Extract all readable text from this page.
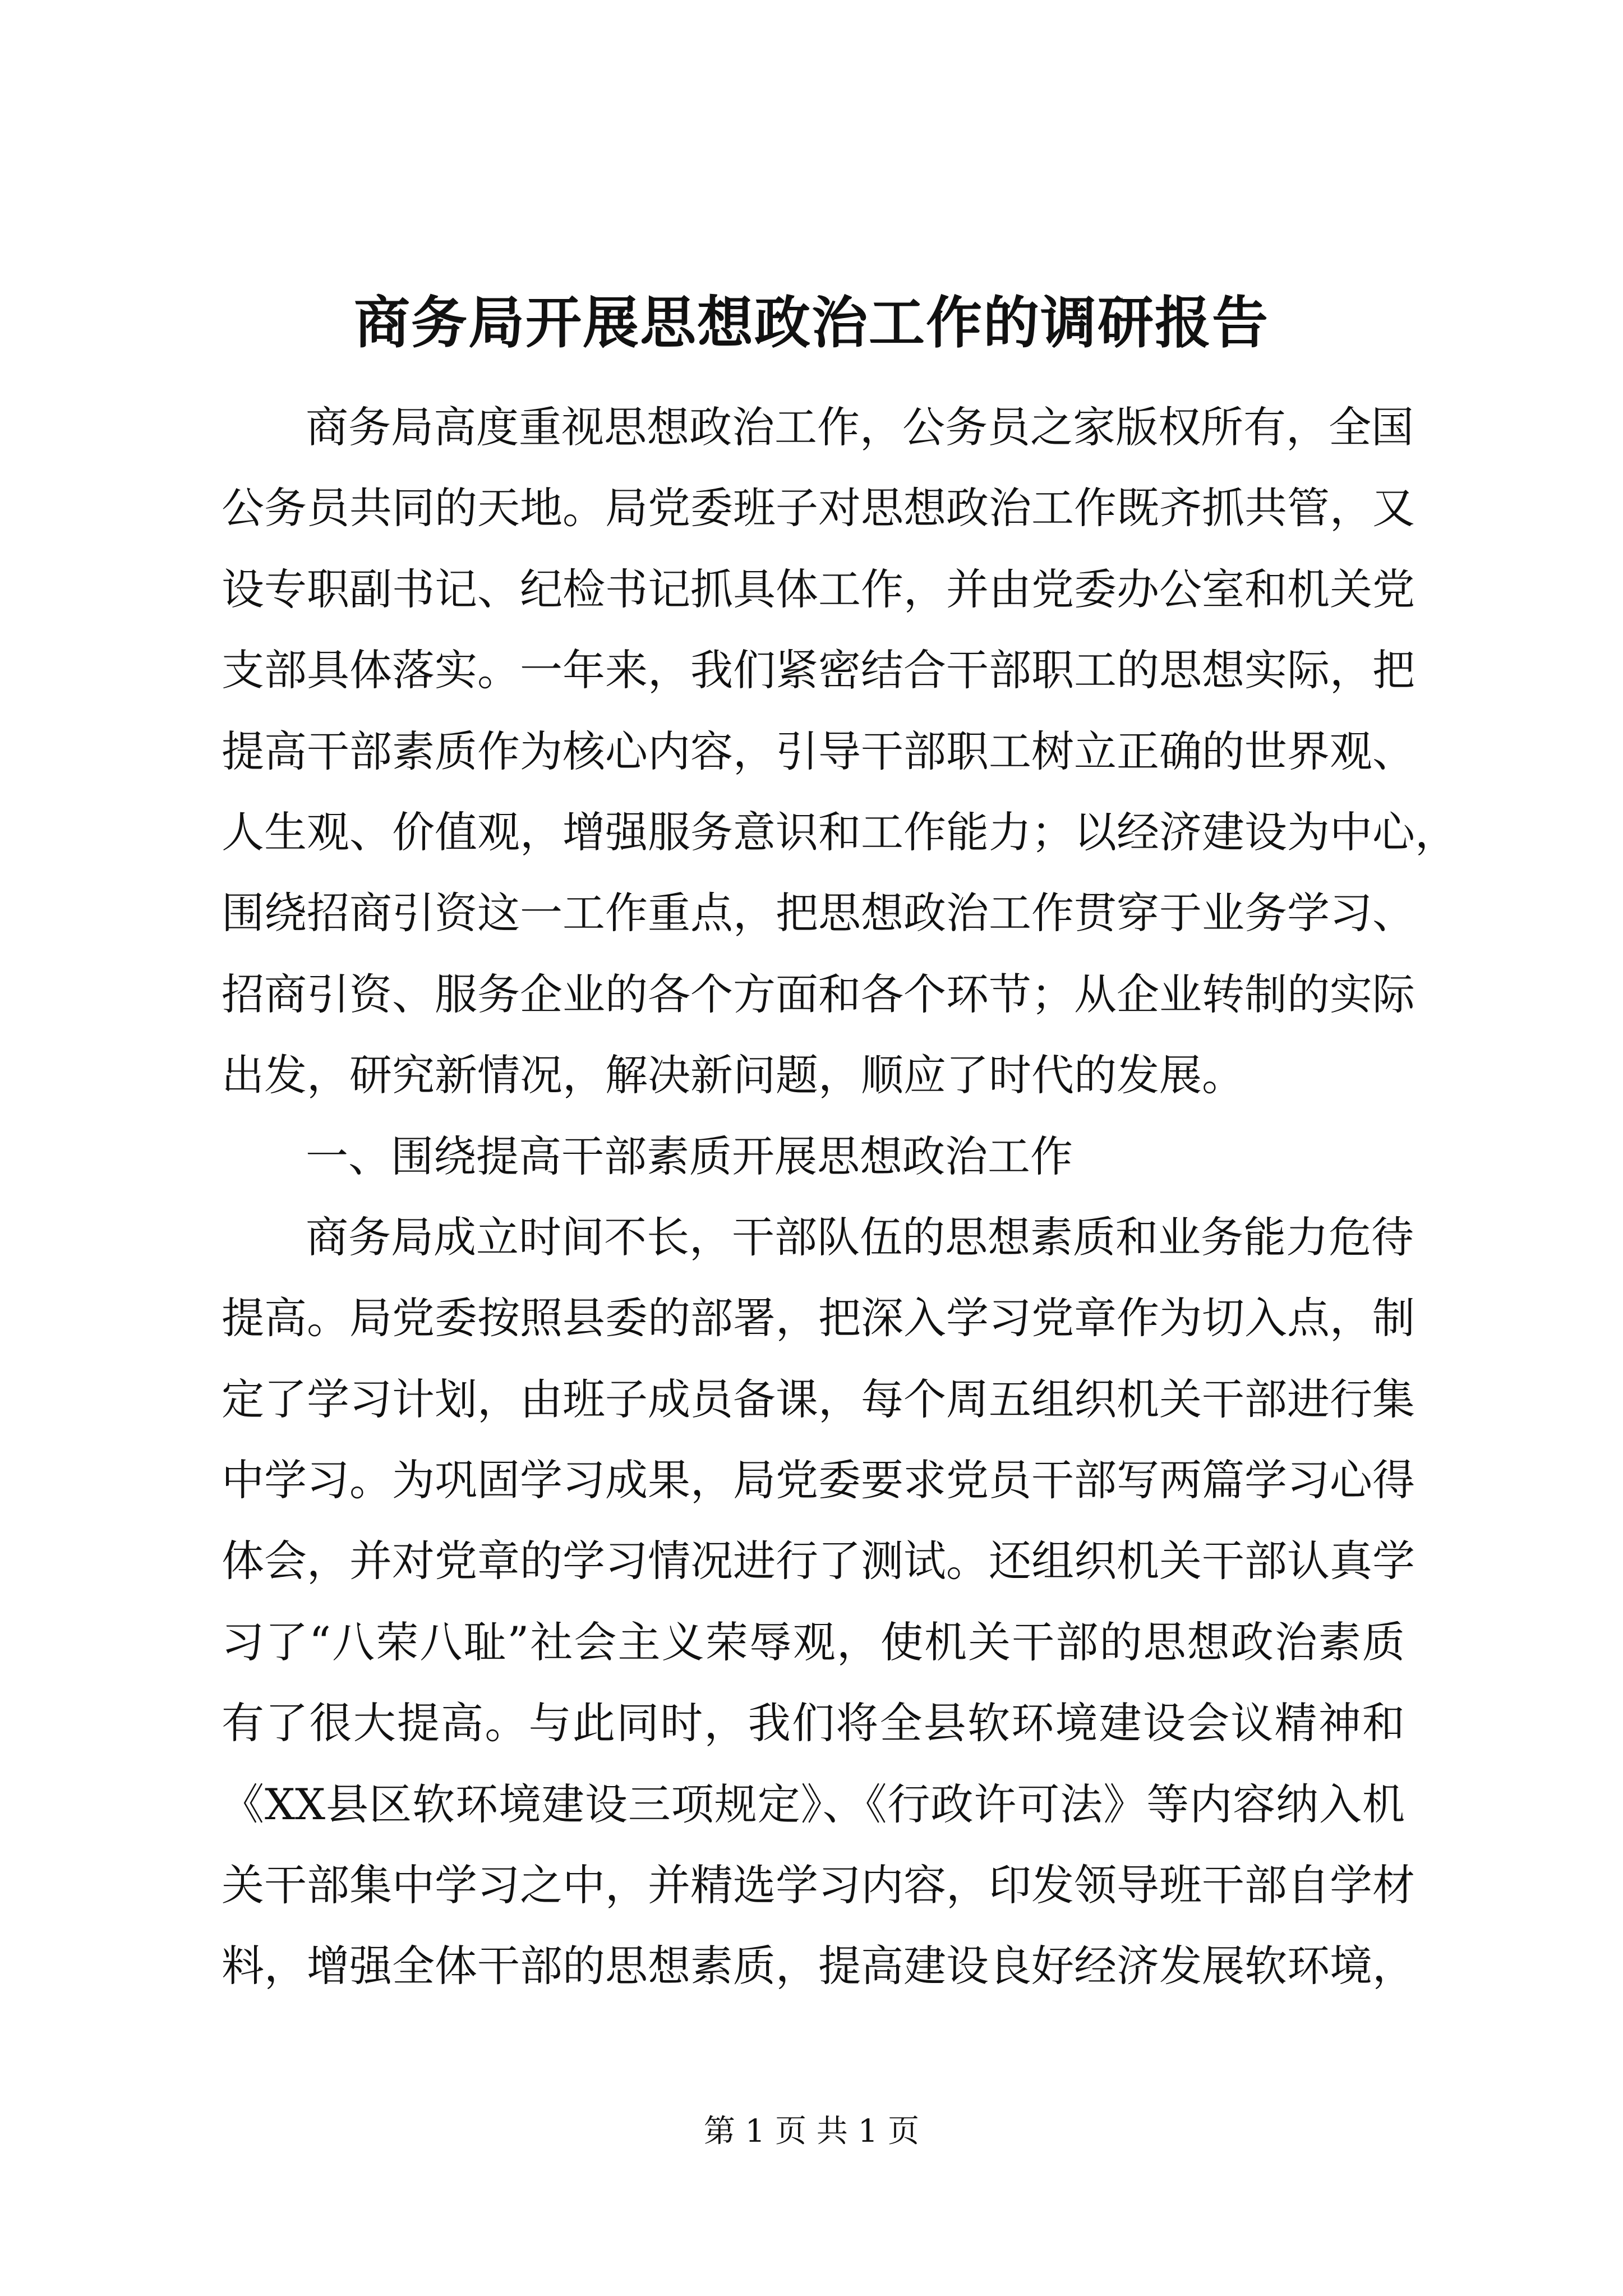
商务局开展思想政治工作的调研报告
商务局高度重视思想政治工作，公务员之家版权所有，全国
公务员共同的天地。局党委班子对思想政治工作既齐抓共管，又
设专职副书记、纪检书记抓具体工作，并由党委办公室和机关党
支部具体落实。一年来，我们紧密结合干部职工的思想实际，把
提高干部素质作为核心内容，引导干部职工树立正确的世界观、
人生观、价值观，增强服务意识和工作能力；以经济建设为中心，
围绕招商引资这一工作重点，把思想政治工作贯穿于业务学习、
招商引资、服务企业的各个方面和各个环节；从企业转制的实际
出发，研究新情况，解决新问题，顺应了时代的发展。
一、围绕提高干部素质开展思想政治工作
商务局成立时间不长，干部队伍的思想素质和业务能力危待
提高。局党委按照县委的部署，把深入学习党章作为切入点，制
定了学习计划，由班子成员备课，每个周五组织机关干部进行集
中学习。为巩固学习成果，局党委要求党员干部写两篇学习心得
体会，并对党章的学习情况进行了测试。还组织机关干部认真学
习了“八荣八耻”社会主义荣辱观，使机关干部的思想政治素质
有了很大提高。与此同时，我们将全县软环境建设会议精神和
《XX县区软环境建设三项规定》、《行政许可法》等内容纳入机
关干部集中学习之中，并精选学习内容，印发领导班干部自学材
料，增强全体干部的思想素质，提高建设良好经济发展软环境，
第 1 页 共 1 页
